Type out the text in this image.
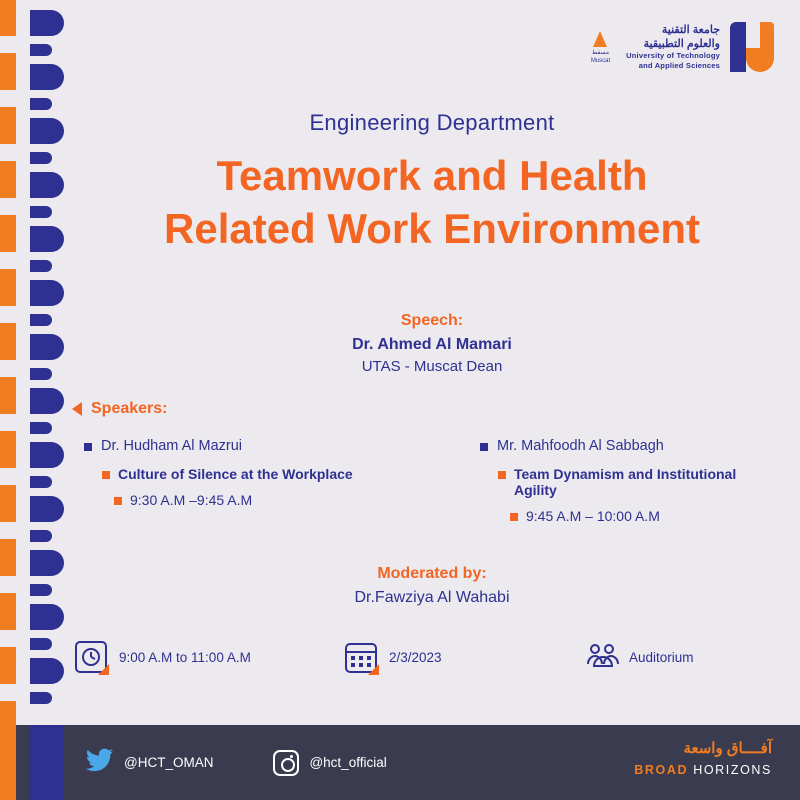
مسقط
Muscat
جامعة التقنية
والعلوم التطبيقية
University of Technology
and Applied Sciences
Engineering Department
Teamwork and Health
Related Work Environment
Speech:
Dr. Ahmed Al Mamari
UTAS - Muscat Dean
Speakers:
Dr. Hudham Al Mazrui
Culture of Silence at the Workplace
9:30 A.M –9:45 A.M
Mr. Mahfoodh Al Sabbagh
Team Dynamism and Institutional Agility
9:45 A.M – 10:00 A.M
Moderated by:
Dr.Fawziya Al Wahabi
9:00 A.M to 11:00 A.M	2/3/2023	Auditorium
@HCT_OMAN	@hct_official
آفــــاق واسعة
BROAD HORIZONS
